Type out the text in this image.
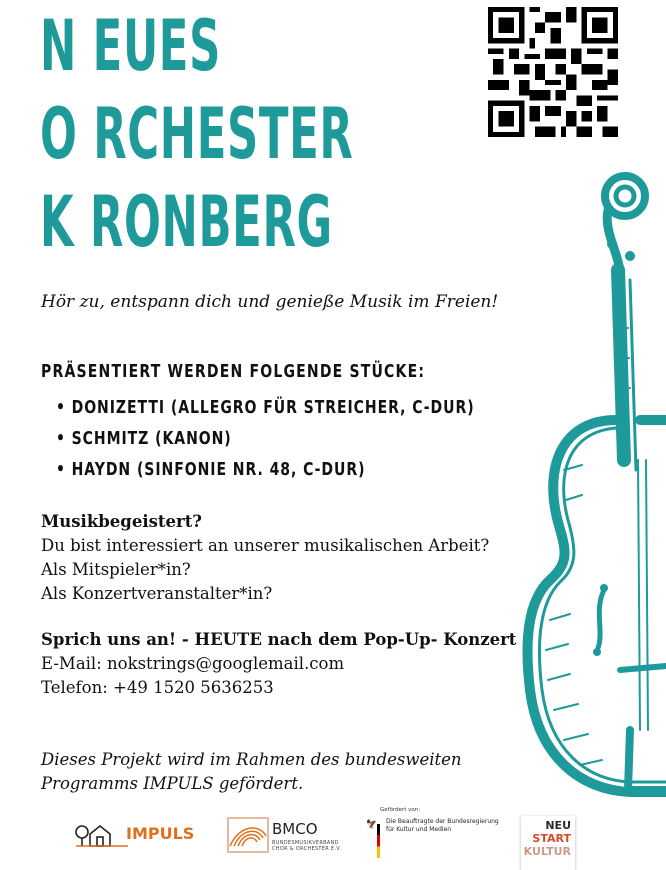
N EUES
O RCHESTER
K RONBERG
Hör zu, entspann dich und genieße Musik im Freien!
PRÄSENTIERT WERDEN FOLGENDE STÜCKE:
• DONIZETTI (ALLEGRO FÜR STREICHER, C-DUR)
• SCHMITZ (KANON)
• HAYDN (SINFONIE NR. 48, C-DUR)
Musikbegeistert?
Du bist interessiert an unserer musikalischen Arbeit?
Als Mitspieler*in?
Als Konzertveranstalter*in?
Sprich uns an! - HEUTE nach dem Pop-Up- Konzert
E-Mail: nokstrings@googlemail.com
Telefon: +49 1520 5636253
Dieses Projekt wird im Rahmen des bundesweiten
Programms IMPULS gefördert.
IMPULS	BMCO
BUNDESMUSIKVERBAND
CHOR & ORCHESTER E.V.
Gefördert von:
🦅 Die Beauftragte der Bundesregierung
für Kultur und Medien	NEU
START
KULTUR
